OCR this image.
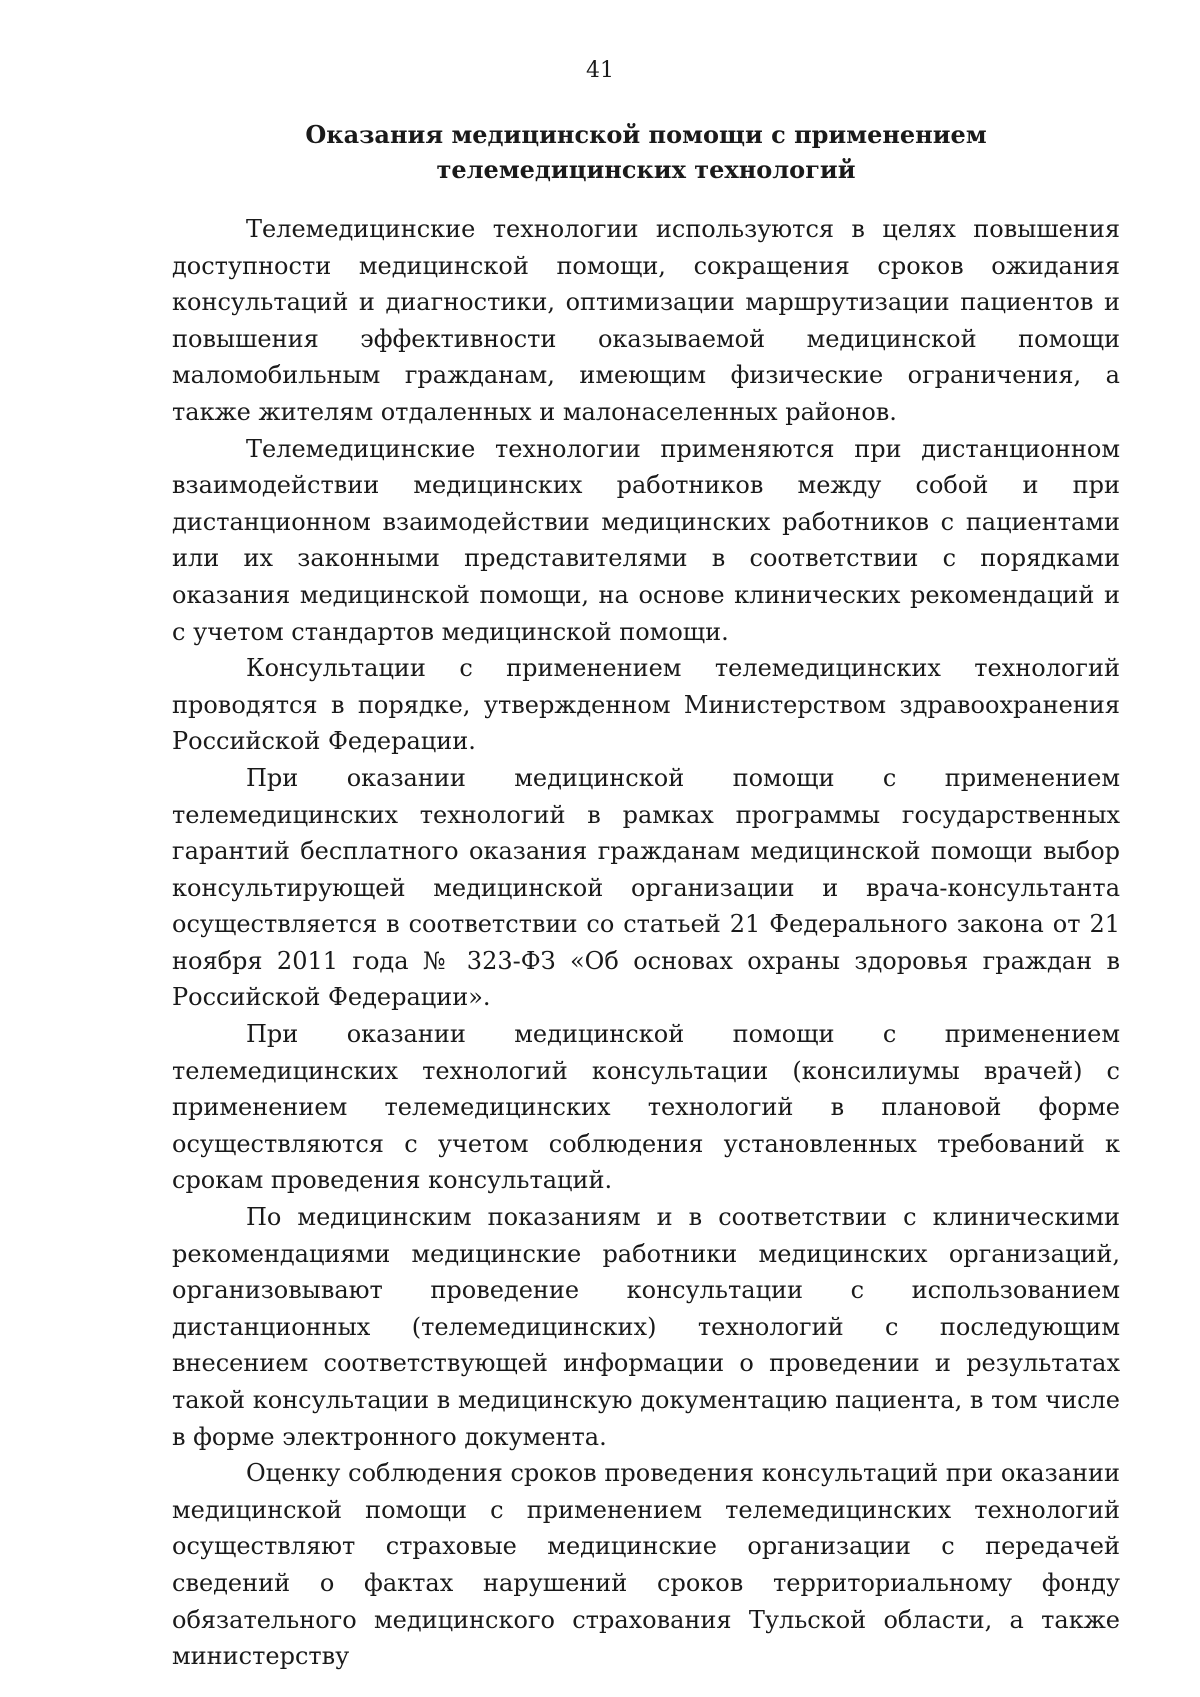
41
Оказания медицинской помощи с применением
телемедицинских технологий

Телемедицинские технологии используются в целях повышения доступности медицинской помощи, сокращения сроков ожидания консультаций и диагностики, оптимизации маршрутизации пациентов и повышения эффективности оказываемой медицинской помощи маломобильным гражданам, имеющим физические ограничения, а также жителям отдаленных и малонаселенных районов.

Телемедицинские технологии применяются при дистанционном взаимодействии медицинских работников между собой и при дистанционном взаимодействии медицинских работников с пациентами или их законными представителями в соответствии с порядками оказания медицинской помощи, на основе клинических рекомендаций и с учетом стандартов медицинской помощи.

Консультации с применением телемедицинских технологий проводятся в порядке, утвержденном Министерством здравоохранения Российской Федерации.

При оказании медицинской помощи с применением телемедицинских технологий в рамках программы государственных гарантий бесплатного оказания гражданам медицинской помощи выбор консультирующей медицинской организации и врача-консультанта осуществляется в соответствии со статьей 21 Федерального закона от 21 ноября 2011 года № 323-ФЗ «Об основах охраны здоровья граждан в Российской Федерации».

При оказании медицинской помощи с применением телемедицинских технологий консультации (консилиумы врачей) с применением телемедицинских технологий в плановой форме осуществляются с учетом соблюдения установленных требований к срокам проведения консультаций.

По медицинским показаниям и в соответствии с клиническими рекомендациями медицинские работники медицинских организаций, организовывают проведение консультации с использованием дистанционных (телемедицинских) технологий с последующим внесением соответствующей информации о проведении и результатах такой консультации в медицинскую документацию пациента, в том числе в форме электронного документа.

Оценку соблюдения сроков проведения консультаций при оказании медицинской помощи с применением телемедицинских технологий осуществляют страховые медицинские организации с передачей сведений о фактах нарушений сроков территориальному фонду обязательного медицинского страхования Тульской области, а также министерству
